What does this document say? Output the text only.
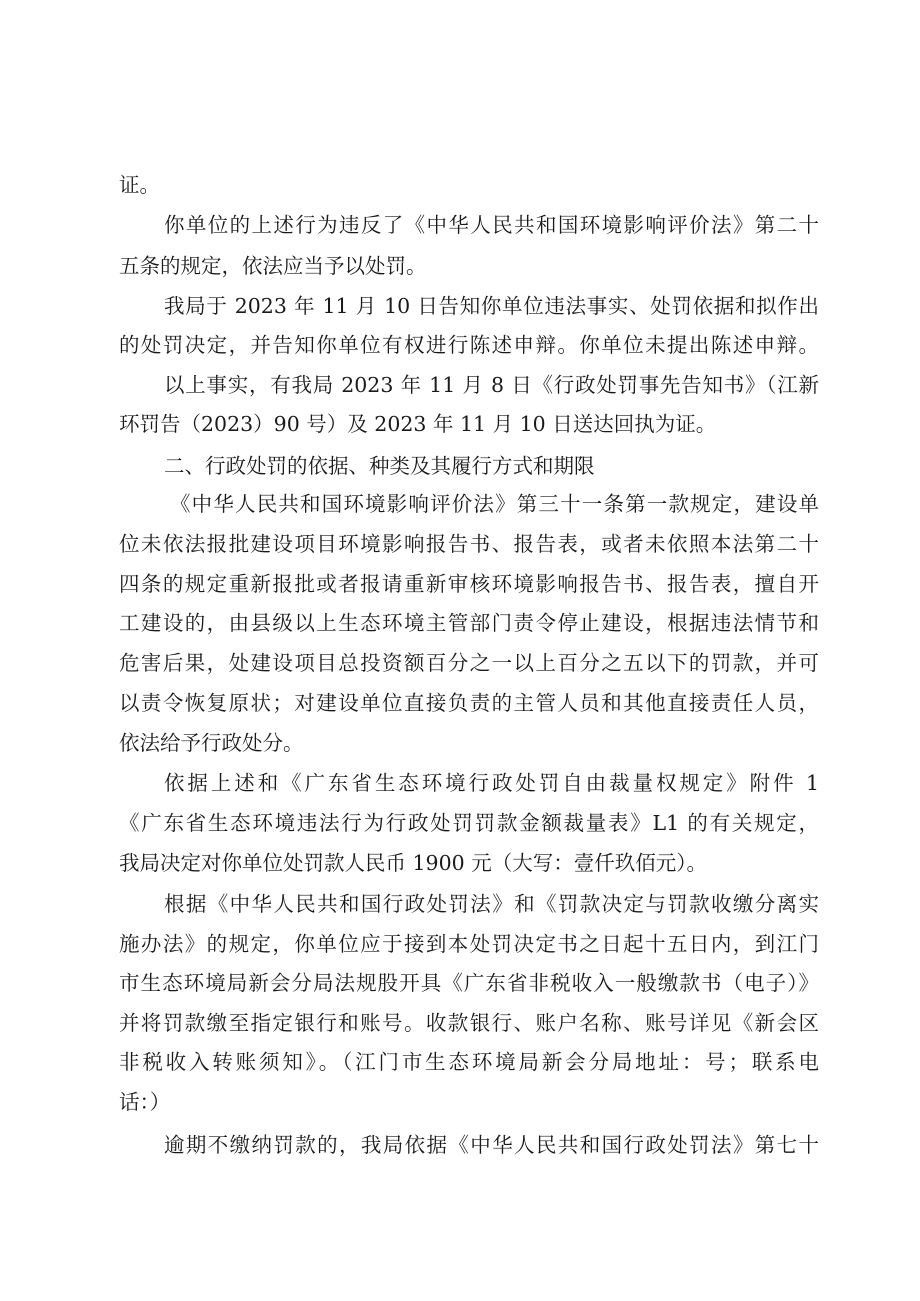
证。
你单位的上述行为违反了《中华人民共和国环境影响评价法》第二十
五条的规定，依法应当予以处罚。
我局于 2023 年 11 月 10 日告知你单位违法事实、处罚依据和拟作出
的处罚决定，并告知你单位有权进行陈述申辩。你单位未提出陈述申辩。
以上事实，有我局 2023 年 11 月 8 日《行政处罚事先告知书》（江新
环罚告（2023）90 号）及 2023 年 11 月 10 日送达回执为证。
二、行政处罚的依据、种类及其履行方式和期限
《中华人民共和国环境影响评价法》第三十一条第一款规定，建设单
位未依法报批建设项目环境影响报告书、报告表，或者未依照本法第二十
四条的规定重新报批或者报请重新审核环境影响报告书、报告表，擅自开
工建设的，由县级以上生态环境主管部门责令停止建设，根据违法情节和
危害后果，处建设项目总投资额百分之一以上百分之五以下的罚款，并可
以责令恢复原状；对建设单位直接负责的主管人员和其他直接责任人员，
依法给予行政处分。
依据上述和《广东省生态环境行政处罚自由裁量权规定》附件 1
《广东省生态环境违法行为行政处罚罚款金额裁量表》L1 的有关规定，
我局决定对你单位处罚款人民币 1900 元（大写：壹仟玖佰元）。
根据《中华人民共和国行政处罚法》和《罚款决定与罚款收缴分离实
施办法》的规定，你单位应于接到本处罚决定书之日起十五日内，到江门
市生态环境局新会分局法规股开具《广东省非税收入一般缴款书（电子）》
并将罚款缴至指定银行和账号。收款银行、账户名称、账号详见《新会区
非税收入转账须知》。（江门市生态环境局新会分局地址：号；联系电
话：）
逾期不缴纳罚款的，我局依据《中华人民共和国行政处罚法》第七十
